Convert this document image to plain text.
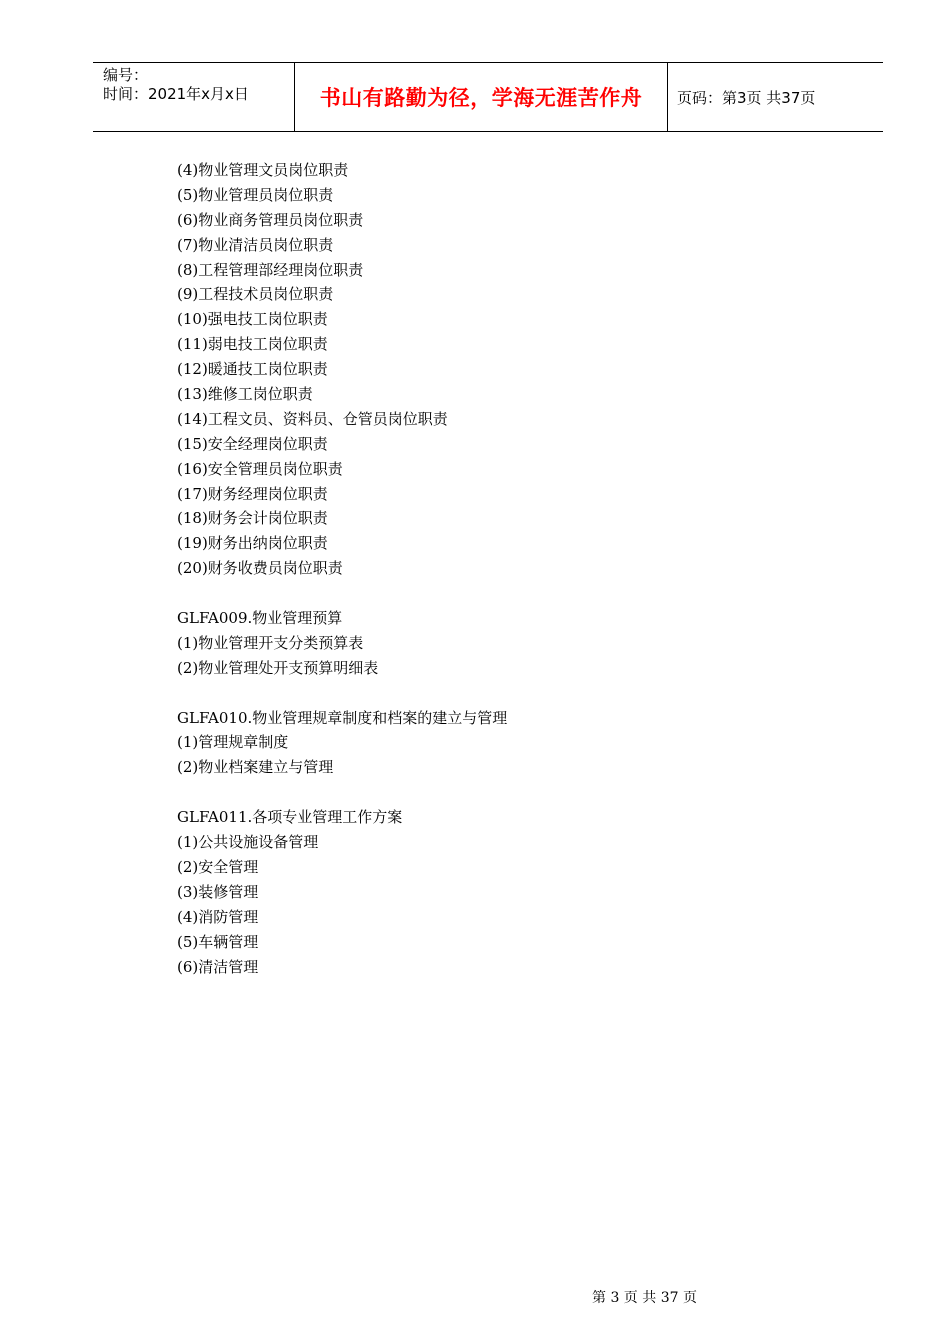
编号：
时间：2021年x月x日	书山有路勤为径，学海无涯苦作舟 页码：第3页 共37页
(4)物业管理文员岗位职责
(5)物业管理员岗位职责
(6)物业商务管理员岗位职责
(7)物业清洁员岗位职责
(8)工程管理部经理岗位职责
(9)工程技术员岗位职责
(10)强电技工岗位职责
(11)弱电技工岗位职责
(12)暖通技工岗位职责
(13)维修工岗位职责
(14)工程文员、资料员、仓管员岗位职责
(15)安全经理岗位职责
(16)安全管理员岗位职责
(17)财务经理岗位职责
(18)财务会计岗位职责
(19)财务出纳岗位职责
(20)财务收费员岗位职责
GLFA009.物业管理预算
(1)物业管理开支分类预算表
(2)物业管理处开支预算明细表
GLFA010.物业管理规章制度和档案的建立与管理
(1)管理规章制度
(2)物业档案建立与管理
GLFA011.各项专业管理工作方案
(1)公共设施设备管理
(2)安全管理
(3)装修管理
(4)消防管理
(5)车辆管理
(6)清洁管理
第 3 页 共 37 页
